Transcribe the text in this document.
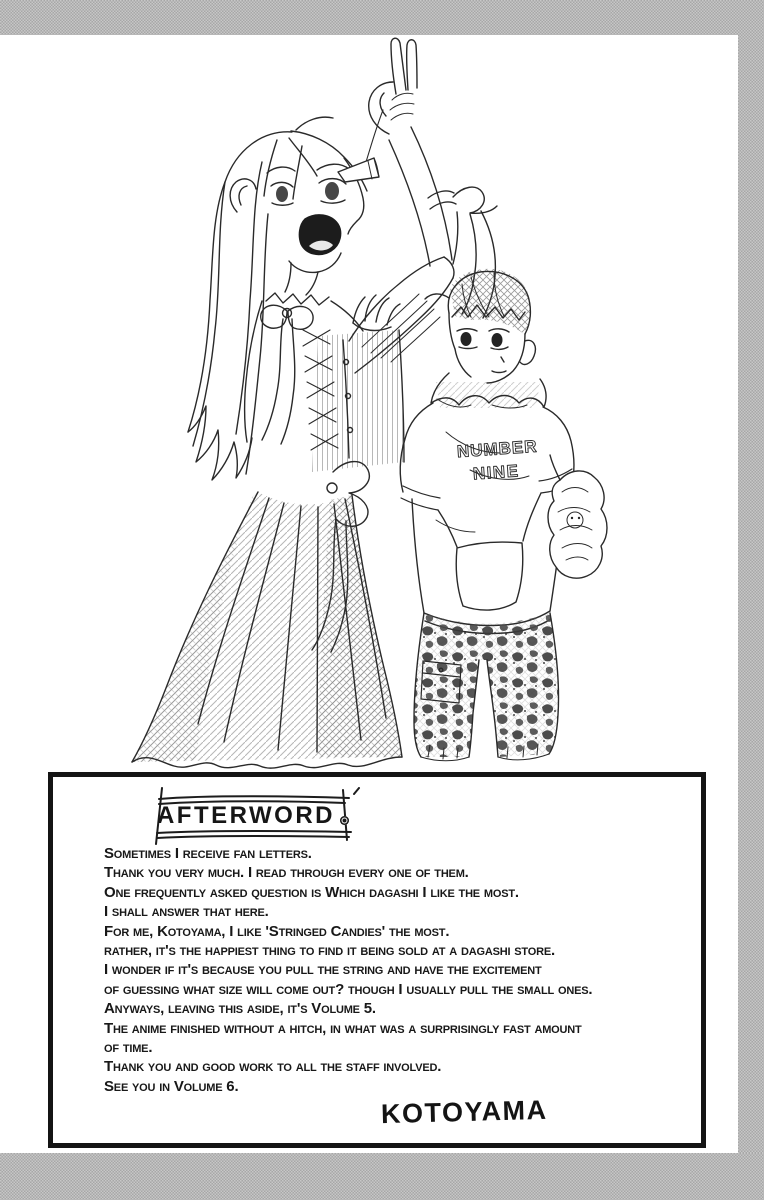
NUMBER
NINE
AFTERWORD
Sometimes I receive fan letters.
Thank you very much. I read through every one of them.
One frequently asked question is Which dagashi I like the most.
I shall answer that here.
For me, Kotoyama, I like 'Stringed Candies' the most.
rather, it's the happiest thing to find it being sold at a dagashi store.
I wonder if it's because you pull the string and have the excitement
of guessing what size will come out? though I usually pull the small ones.
Anyways, leaving this aside, it's Volume 5.
The anime finished without a hitch, in what was a surprisingly fast amount
of time.
Thank you and good work to all the staff involved.
See you in Volume 6.
KOTOYAMA
